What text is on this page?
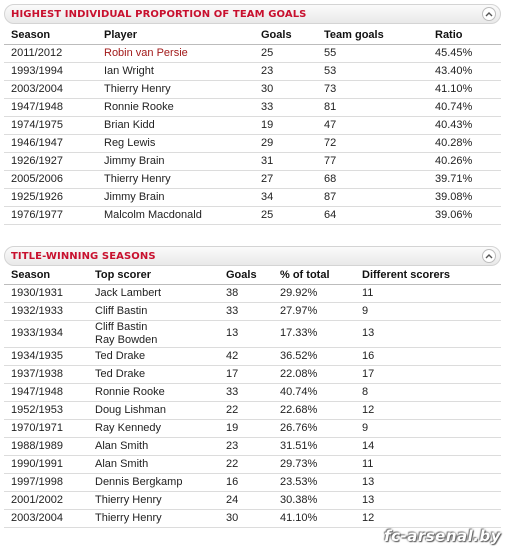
HIGHEST INDIVIDUAL PROPORTION OF TEAM GOALS
Season	Player	Goals	Team goals	Ratio
2011/2012	Robin van Persie	25	55	45.45%
1993/1994	Ian Wright	23	53	43.40%
2003/2004	Thierry Henry	30	73	41.10%
1947/1948	Ronnie Rooke	33	81	40.74%
1974/1975	Brian Kidd	19	47	40.43%
1946/1947	Reg Lewis	29	72	40.28%
1926/1927	Jimmy Brain	31	77	40.26%
2005/2006	Thierry Henry	27	68	39.71%
1925/1926	Jimmy Brain	34	87	39.08%
1976/1977	Malcolm Macdonald	25	64	39.06%
TITLE-WINNING SEASONS
Season	Top scorer	Goals	% of total	Different scorers
1930/1931	Jack Lambert	38	29.92%	11
1932/1933	Cliff Bastin	33	27.97%	9
1933/1934	Cliff Bastin
Ray Bowden	13	17.33%	13
1934/1935	Ted Drake	42	36.52%	16
1937/1938	Ted Drake	17	22.08%	17
1947/1948	Ronnie Rooke	33	40.74%	8
1952/1953	Doug Lishman	22	22.68%	12
1970/1971	Ray Kennedy	19	26.76%	9
1988/1989	Alan Smith	23	31.51%	14
1990/1991	Alan Smith	22	29.73%	11
1997/1998	Dennis Bergkamp	16	23.53%	13
2001/2002	Thierry Henry	24	30.38%	13
2003/2004	Thierry Henry	30	41.10%	12
fc-arsenal.by
